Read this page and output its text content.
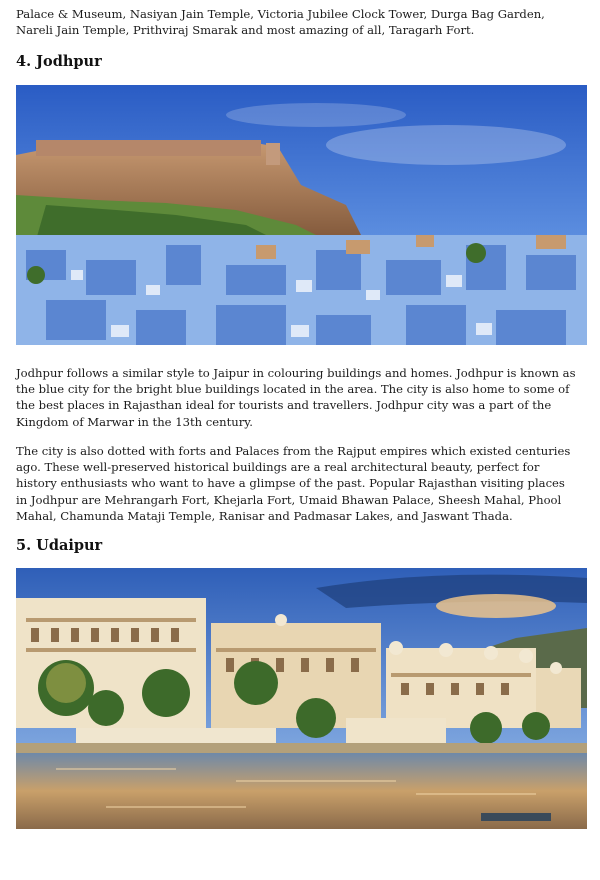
Palace & Museum, Nasiyan Jain Temple, Victoria Jubilee Clock Tower, Durga Bag Garden, Nareli Jain Temple, Prithviraj Smarak and most amazing of all, Taragarh Fort.

4. Jodhpur

Jodhpur follows a similar style to Jaipur in colouring buildings and homes. Jodhpur is known as the blue city for the bright blue buildings located in the area. The city is also home to some of the best places in Rajasthan ideal for tourists and travellers. Jodhpur city was a part of the Kingdom of Marwar in the 13th century.

The city is also dotted with forts and Palaces from the Rajput empires which existed centuries ago. These well-preserved historical buildings are a real architectural beauty, perfect for history enthusiasts who want to have a glimpse of the past. Popular Rajasthan visiting places in Jodhpur are Mehrangarh Fort, Khejarla Fort, Umaid Bhawan Palace, Sheesh Mahal, Phool Mahal, Chamunda Mataji Temple, Ranisar and Padmasar Lakes, and Jaswant Thada.

5. Udaipur
